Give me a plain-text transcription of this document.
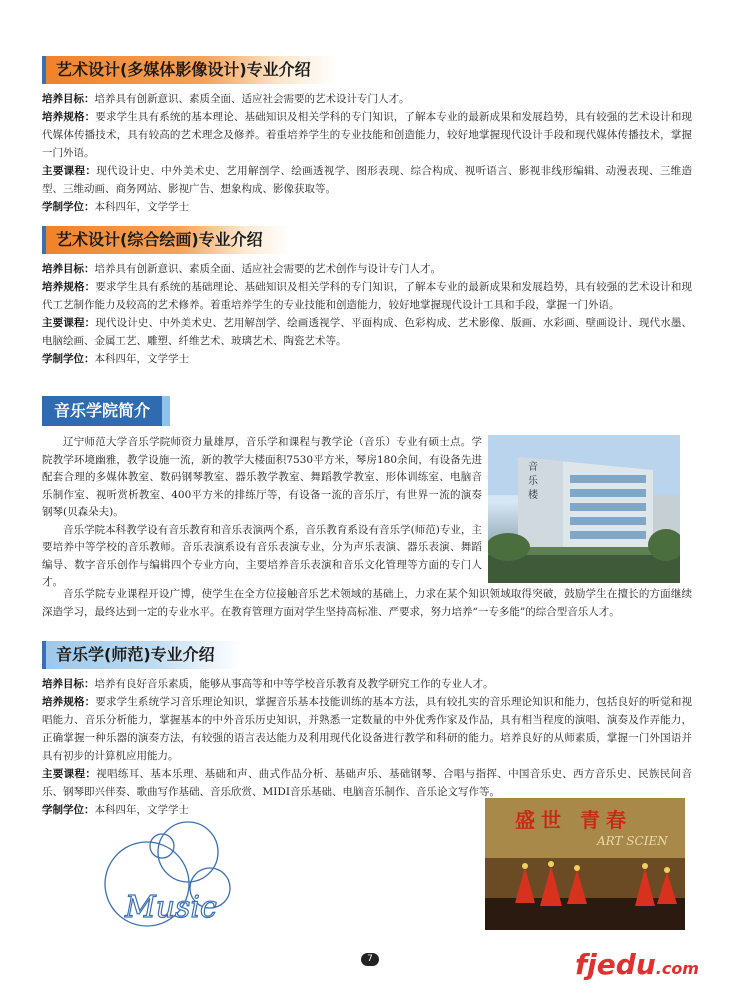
艺术设计(多媒体影像设计)专业介绍

培养目标：培养具有创新意识、素质全面、适应社会需要的艺术设计专门人才。

培养规格：要求学生具有系统的基本理论、基础知识及相关学科的专门知识，了解本专业的最新成果和发展趋势，具有较强的艺术设计和现代媒体传播技术，具有较高的艺术理念及修养。着重培养学生的专业技能和创造能力，较好地掌握现代设计手段和现代媒体传播技术，掌握一门外语。

主要课程：现代设计史、中外美术史、艺用解剖学、绘画透视学、图形表现、综合构成、视听语言、影视非线形编辑、动漫表现、三维造型、三维动画、商务网站、影视广告、想象构成、影像获取等。

学制学位：本科四年，文学学士

艺术设计(综合绘画)专业介绍

培养目标：培养具有创新意识、素质全面、适应社会需要的艺术创作与设计专门人才。

培养规格：要求学生具有系统的基础理论、基础知识及相关学科的专门知识，了解本专业的最新成果和发展趋势，具有较强的艺术设计和现代工艺制作能力及较高的艺术修养。着重培养学生的专业技能和创造能力，较好地掌握现代设计工具和手段，掌握一门外语。

主要课程：现代设计史、中外美术史、艺用解剖学、绘画透视学、平面构成、色彩构成、艺术影像、版画、水彩画、壁画设计、现代水墨、电脑绘画、金属工艺、雕塑、纤维艺术、玻璃艺术、陶瓷艺术等。

学制学位：本科四年，文学学士

音乐学院简介

辽宁师范大学音乐学院师资力量雄厚，音乐学和课程与教学论（音乐）专业有硕士点。学院教学环境幽雅，教学设施一流，新的教学大楼面积7530平方米，琴房180余间，有设备先进配套合理的多媒体教室、数码钢琴教室、器乐教学教室、舞蹈教学教室、形体训练室、电脑音乐制作室、视听赏析教室、400平方米的排练厅等，有设备一流的音乐厅，有世界一流的演奏钢琴(贝森朵夫)。

音乐学院本科教学设有音乐教育和音乐表演两个系，音乐教育系设有音乐学(师范)专业，主要培养中等学校的音乐教师。音乐表演系设有音乐表演专业，分为声乐表演、器乐表演、舞蹈编导、数字音乐创作与编辑四个专业方向，主要培养音乐表演和音乐文化管理等方面的专门人才。

音乐学院专业课程开设广博，使学生在全方位接触音乐艺术领域的基础上，力求在某个知识领域取得突破，鼓励学生在擅长的方面继续深造学习，最终达到一定的专业水平。在教育管理方面对学生坚持高标准、严要求，努力培养“一专多能”的综合型音乐人才。

音乐楼
音乐学(师范)专业介绍

培养目标：培养有良好音乐素质，能够从事高等和中等学校音乐教育及教学研究工作的专业人才。

培养规格：要求学生系统学习音乐理论知识，掌握音乐基本技能训练的基本方法，具有较扎实的音乐理论知识和能力，包括良好的听觉和视唱能力、音乐分析能力，掌握基本的中外音乐历史知识，并熟悉一定数量的中外优秀作家及作品，具有相当程度的演唱、演奏及作弄能力，正确掌握一种乐器的演奏方法，有较强的语言表达能力及利用现代化设备进行教学和科研的能力。培养良好的从师素质，掌握一门外国语并具有初步的计算机应用能力。

主要课程：视唱练耳、基本乐理、基础和声、曲式作品分析、基础声乐、基础钢琴、合唱与指挥、中国音乐史、西方音乐史、民族民间音乐、钢琴即兴伴奏、歌曲写作基础、音乐欣赏、MIDI音乐基础、电脑音乐制作、音乐论文写作等。

学制学位：本科四年，文学学士

Music
盛世 青春
ART SCIEN
7	fjedu.com
